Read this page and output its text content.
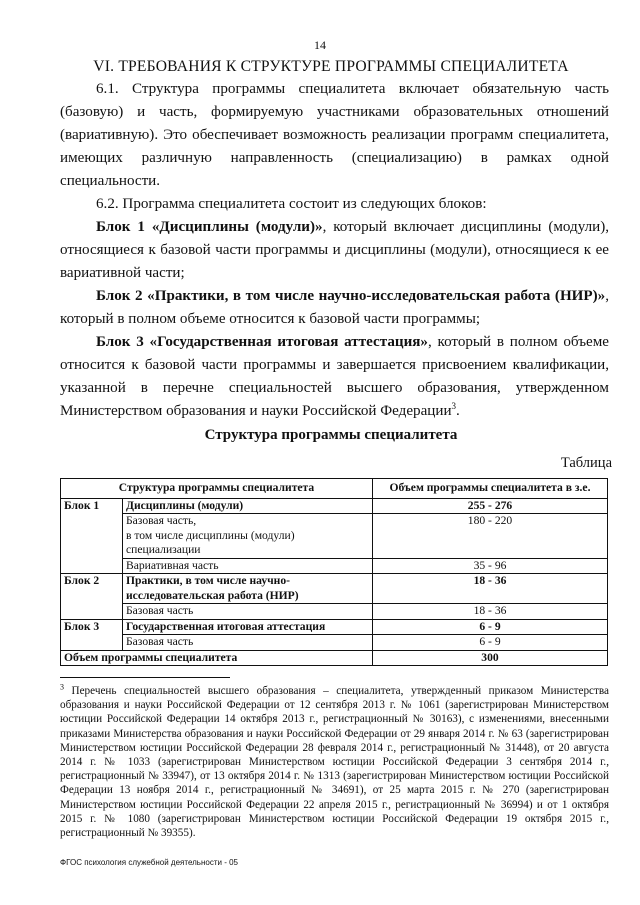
14
VI. ТРЕБОВАНИЯ К СТРУКТУРЕ ПРОГРАММЫ СПЕЦИАЛИТЕТА

6.1. Структура программы специалитета включает обязательную часть (базовую) и часть, формируемую участниками образовательных отношений (вариативную). Это обеспечивает возможность реализации программ специалитета, имеющих различную направленность (специализацию) в рамках одной специальности.

6.2. Программа специалитета состоит из следующих блоков:

Блок 1 «Дисциплины (модули)», который включает дисциплины (модули), относящиеся к базовой части программы и дисциплины (модули), относящиеся к ее вариативной части;

Блок 2 «Практики, в том числе научно-исследовательская работа (НИР)», который в полном объеме относится к базовой части программы;

Блок 3 «Государственная итоговая аттестация», который в полном объеме относится к базовой части программы и завершается присвоением квалификации, указанной в перечне специальностей высшего образования, утвержденном Министерством образования и науки Российской Федерации$^3$.

Структура программы специалитета
Таблица
Структура программы специалитета		Объем программы специалитета в з.е.
Блок 1	Дисциплины (модули)	255 - 276

	Базовая часть,
в том числе дисциплины (модули)
специализации	180 - 220
	Вариативная часть	35 - 96
Блок 2	Практики, в том числе научно-
исследовательская работа (НИР)	18 - 36
	Базовая часть	18 - 36
Блок 3	Государственная итоговая аттестация	6 - 9
	Базовая часть	6 - 9
Объем программы специалитета		300
$^3$ Перечень специальностей высшего образования – специалитета, утвержденный приказом Министерства образования и науки Российской Федерации от 12 сентября 2013 г. № 1061 (зарегистрирован Министерством юстиции Российской Федерации 14 октября 2013 г., регистрационный № 30163), с изменениями, внесенными приказами Министерства образования и науки Российской Федерации от 29 января 2014 г. № 63 (зарегистрирован Министерством юстиции Российской Федерации 28 февраля 2014 г., регистрационный № 31448), от 20 августа 2014 г. № 1033 (зарегистрирован Министерством юстиции Российской Федерации 3 сентября 2014 г., регистрационный № 33947), от 13 октября 2014 г. № 1313 (зарегистрирован Министерством юстиции Российской Федерации 13 ноября 2014 г., регистрационный № 34691), от 25 марта 2015 г. № 270 (зарегистрирован Министерством юстиции Российской Федерации 22 апреля 2015 г., регистрационный № 36994) и от 1 октября 2015 г. № 1080 (зарегистрирован Министерством юстиции Российской Федерации 19 октября 2015 г., регистрационный № 39355).
ФГОС психология служебной деятельности - 05
